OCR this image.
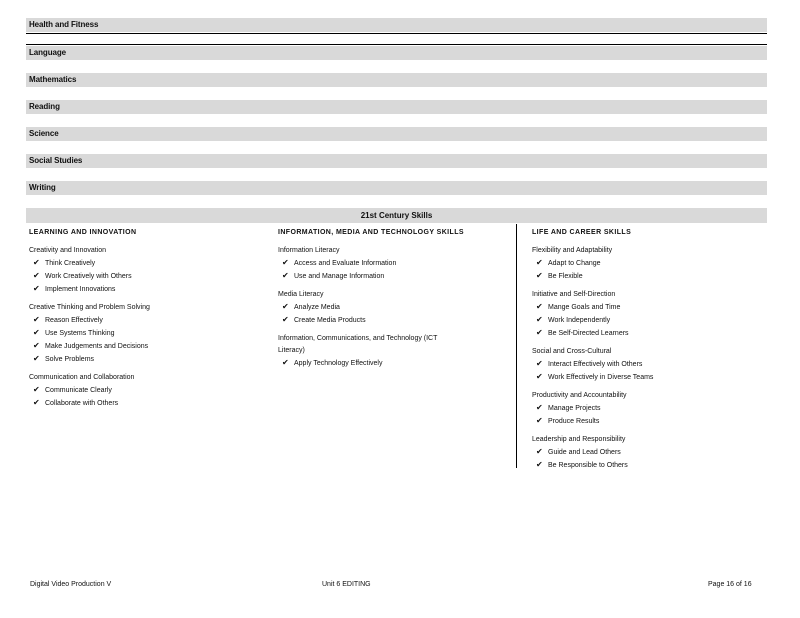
Health and Fitness
Language
Mathematics
Reading
Science
Social Studies
Writing
21st Century Skills
LEARNING AND INNOVATION
Creativity and Innovation
✔ Think Creatively
✔ Work Creatively with Others
✔ Implement Innovations
Creative Thinking and Problem Solving
✔ Reason Effectively
✔ Use Systems Thinking
✔ Make Judgements and Decisions
✔ Solve Problems
Communication and Collaboration
✔ Communicate Clearly
✔ Collaborate with Others
INFORMATION, MEDIA AND TECHNOLOGY SKILLS
Information Literacy
✔ Access and Evaluate Information
✔ Use and Manage Information
Media Literacy
✔ Analyze Media
✔ Create Media Products
Information, Communications, and Technology (ICT Literacy)
✔ Apply Technology Effectively
LIFE AND CAREER SKILLS
Flexibility and Adaptability
✔ Adapt to Change
✔ Be Flexible
Initiative and Self-Direction
✔ Mange Goals and Time
✔ Work Independently
✔ Be Self-Directed Learners
Social and Cross-Cultural
✔ Interact Effectively with Others
✔ Work Effectively in Diverse Teams
Productivity and Accountability
✔ Manage Projects
✔ Produce Results
Leadership and Responsibility
✔ Guide and Lead Others
✔ Be Responsible to Others
Digital Video Production V	Unit 6 EDITING	Page 16 of 16
